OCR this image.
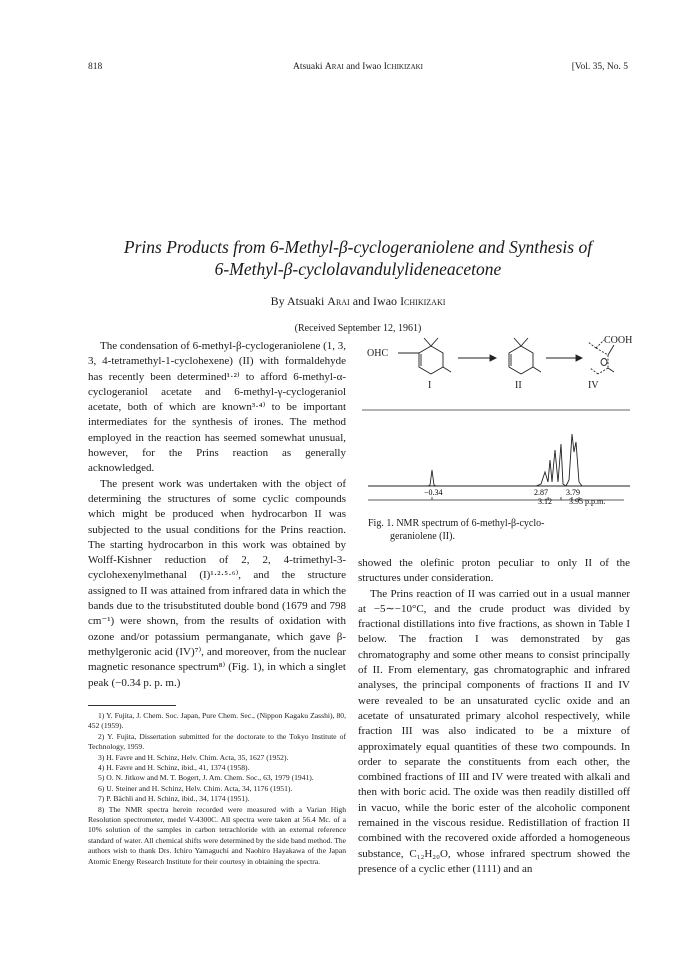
818	Atsuaki Arai and Iwao Ichikizaki	[Vol. 35, No. 5
Prins Products from 6-Methyl-β-cyclogeraniolene and Synthesis of
6-Methyl-β-cyclolavandulylideneacetone
By Atsuaki Arai and Iwao Ichikizaki
(Received September 12, 1961)

The condensation of 6-methyl-β-cyclogeraniolene (1, 3, 3, 4-tetramethyl-1-cyclohexene) (II) with formaldehyde has recently been determined¹·²⁾ to afford 6-methyl-α-cyclogeraniol acetate and 6-methyl-γ-cyclogeraniol acetate, both of which are known³·⁴⁾ to be important intermediates for the synthesis of irones. The method employed in the reaction has seemed somewhat unusual, however, for the Prins reaction as generally acknowledged.

The present work was undertaken with the object of determining the structures of some cyclic compounds which might be produced when hydrocarbon II was subjected to the usual conditions for the Prins reaction. The starting hydrocarbon in this work was obtained by Wolff-Kishner reduction of 2, 2, 4-trimethyl-3-cyclohexenylmethanal (I)¹·²·⁵·⁶⁾, and the structure assigned to II was attained from infrared data in which the bands due to the trisubstituted double bond (1679 and 798 cm⁻¹) were shown, from the results of oxidation with ozone and/or potassium permanganate, which gave β-methylgeronic acid (IV)⁷⁾, and moreover, from the nuclear magnetic resonance spectrum⁸⁾ (Fig. 1), in which a singlet peak (−0.34 p. p. m.)

1) Y. Fujita, J. Chem. Soc. Japan, Pure Chem. Sec., (Nippon Kagaku Zasshi), 80, 452 (1959).
2) Y. Fujita, Dissertation submitted for the doctorate to the Tokyo Institute of Technology, 1959.
3) H. Favre and H. Schinz, Helv. Chim. Acta, 35, 1627 (1952).
4) H. Favre and H. Schinz, ibid., 41, 1374 (1958).
5) O. N. Jitkow and M. T. Bogert, J. Am. Chem. Soc., 63, 1979 (1941).
6) U. Steiner and H. Schinz, Helv. Chim. Acta, 34, 1176 (1951).
7) P. Bächli and H. Schinz, ibid., 34, 1174 (1951).
8) The NMR spectra herein recorded were measured with a Varian High Resolution spectrometer, medel V-4300C. All spectra were taken at 56.4 Mc. of a 10% solution of the samples in carbon tetrachloride with an external reference standard of water. All chemical shifts were determined by the side band method. The authors wish to thank Drs. Ichiro Yamaguchi and Naohiro Hayakawa of the Japan Atomic Energy Research Institute for their courtesy in obtaining the spectra.
−0.34	2.87
3.12
3.79
3.95 p.p.m.
OHC
COOH
I	II	IV
Fig. 1. NMR spectrum of 6-methyl-β-cyclo-
geraniolene (II).

showed the olefinic proton peculiar to only II of the structures under consideration.

The Prins reaction of II was carried out in a usual manner at −5∼−10°C, and the crude product was divided by fractional distillations into five fractions, as shown in Table I below. The fraction I was demonstrated by gas chromatography and some other means to consist principally of II. From elementary, gas chromatographic and infrared analyses, the principal components of fractions II and IV were revealed to be an unsaturated cyclic oxide and an acetate of unsaturated primary alcohol respectively, while fraction III was also indicated to be a mixture of approximately equal quantities of these two compounds. In order to separate the constituents from each other, the combined fractions of III and IV were treated with alkali and then with boric acid. The oxide was then readily distilled off in vacuo, while the boric ester of the alcoholic component remained in the viscous residue. Redistillation of fraction II combined with the recovered oxide afforded a homogeneous substance, C₁₂H₂₀O, whose infrared spectrum showed the presence of a cyclic ether (1111) and an
